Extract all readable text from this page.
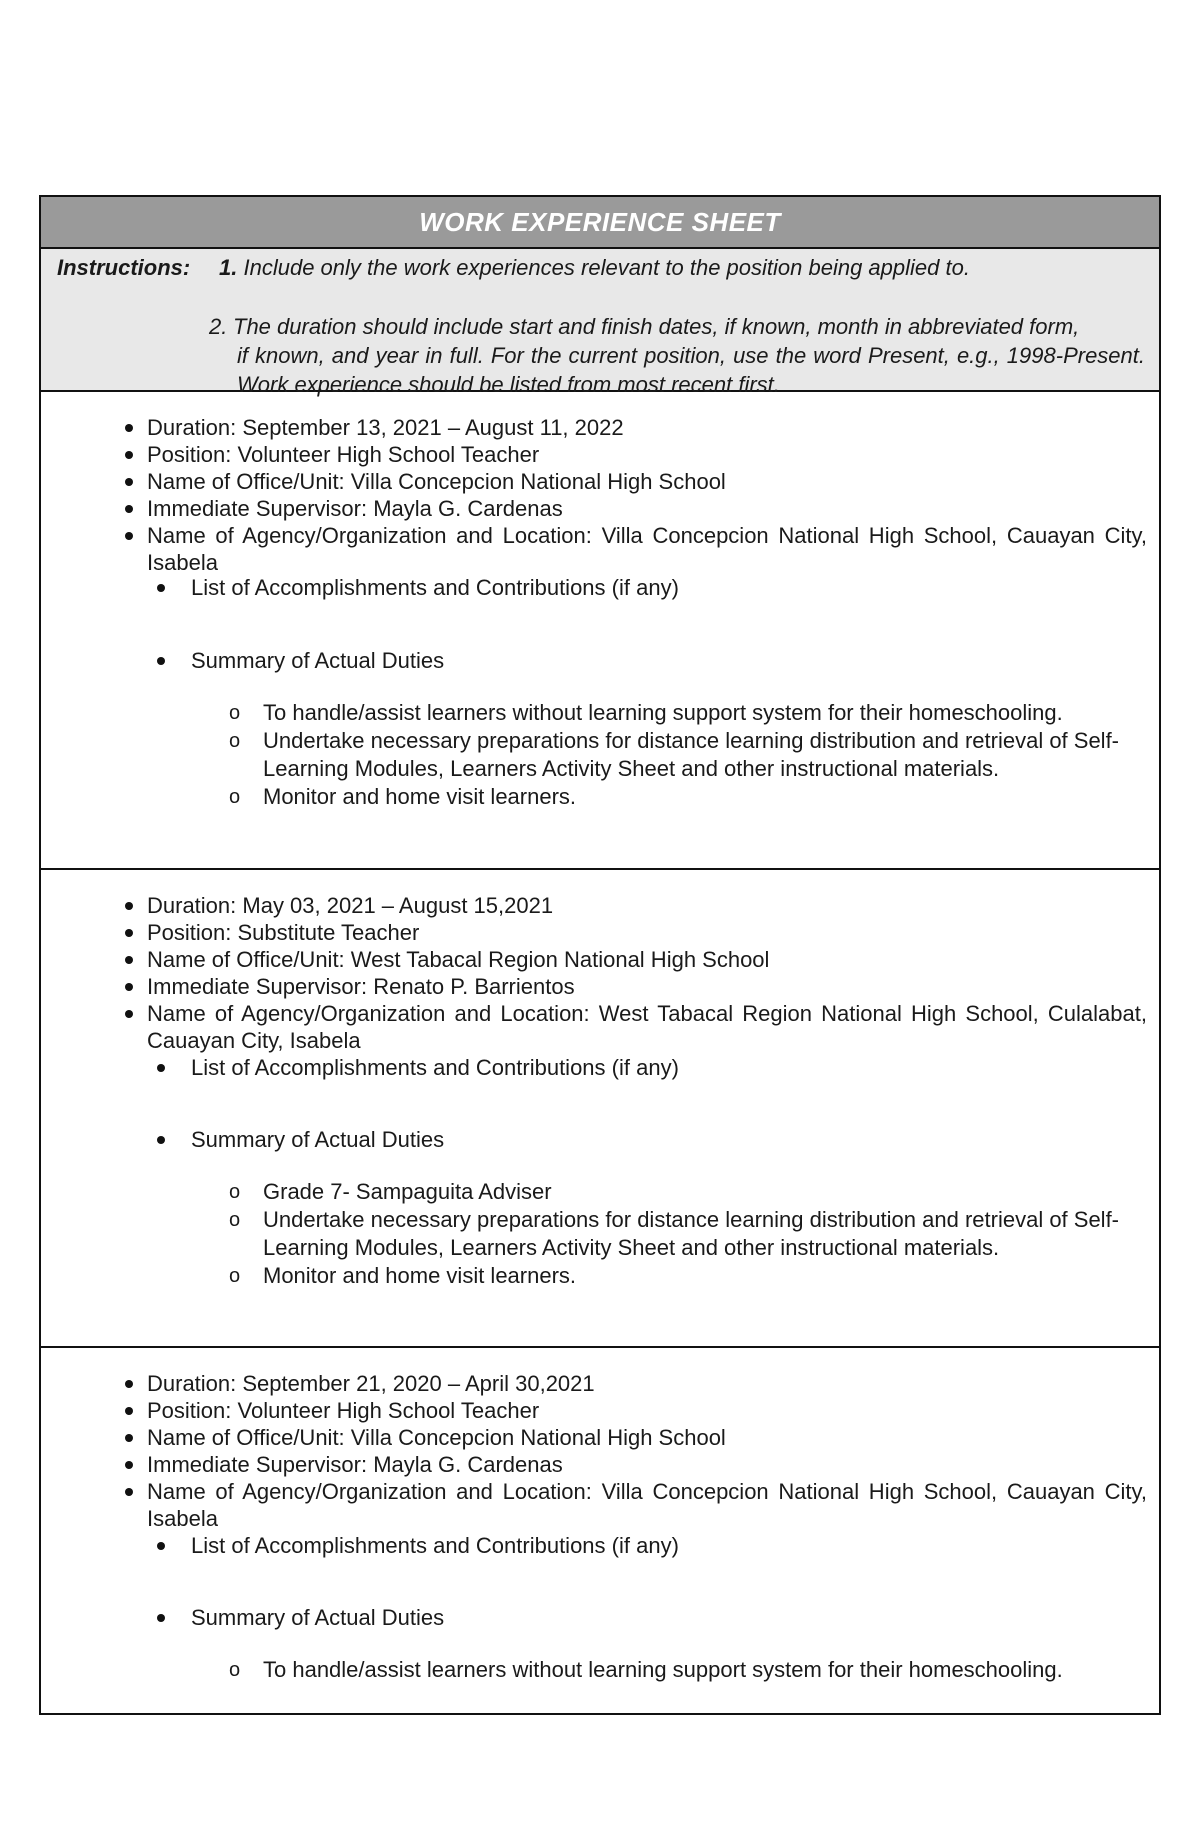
WORK EXPERIENCE SHEET
Instructions: 1. Include only the work experiences relevant to the position being applied to.
2. The duration should include start and finish dates, if known, month in abbreviated form,
if known, and year in full. For the current position, use the word Present, e.g., 1998-Present. Work experience should be listed from most recent first.
Duration: September 13, 2021 – August 11, 2022
Position: Volunteer High School Teacher
Name of Office/Unit: Villa Concepcion National High School
Immediate Supervisor: Mayla G. Cardenas
Name of Agency/Organization and Location: Villa Concepcion National High School, Cauayan City, Isabela
List of Accomplishments and Contributions (if any)
Summary of Actual Duties
o To handle/assist learners without learning support system for their homeschooling.
o Undertake necessary preparations for distance learning distribution and retrieval of Self-Learning Modules, Learners Activity Sheet and other instructional materials.
o Monitor and home visit learners.
Duration: May 03, 2021 – August 15,2021
Position: Substitute Teacher
Name of Office/Unit: West Tabacal Region National High School
Immediate Supervisor: Renato P. Barrientos
Name of Agency/Organization and Location: West Tabacal Region National High School, Culalabat, Cauayan City, Isabela
List of Accomplishments and Contributions (if any)
Summary of Actual Duties
o Grade 7- Sampaguita Adviser
o Undertake necessary preparations for distance learning distribution and retrieval of Self-Learning Modules, Learners Activity Sheet and other instructional materials.
o Monitor and home visit learners.
Duration: September 21, 2020 – April 30,2021
Position: Volunteer High School Teacher
Name of Office/Unit: Villa Concepcion National High School
Immediate Supervisor: Mayla G. Cardenas
Name of Agency/Organization and Location: Villa Concepcion National High School, Cauayan City, Isabela
List of Accomplishments and Contributions (if any)
Summary of Actual Duties
o To handle/assist learners without learning support system for their homeschooling.
